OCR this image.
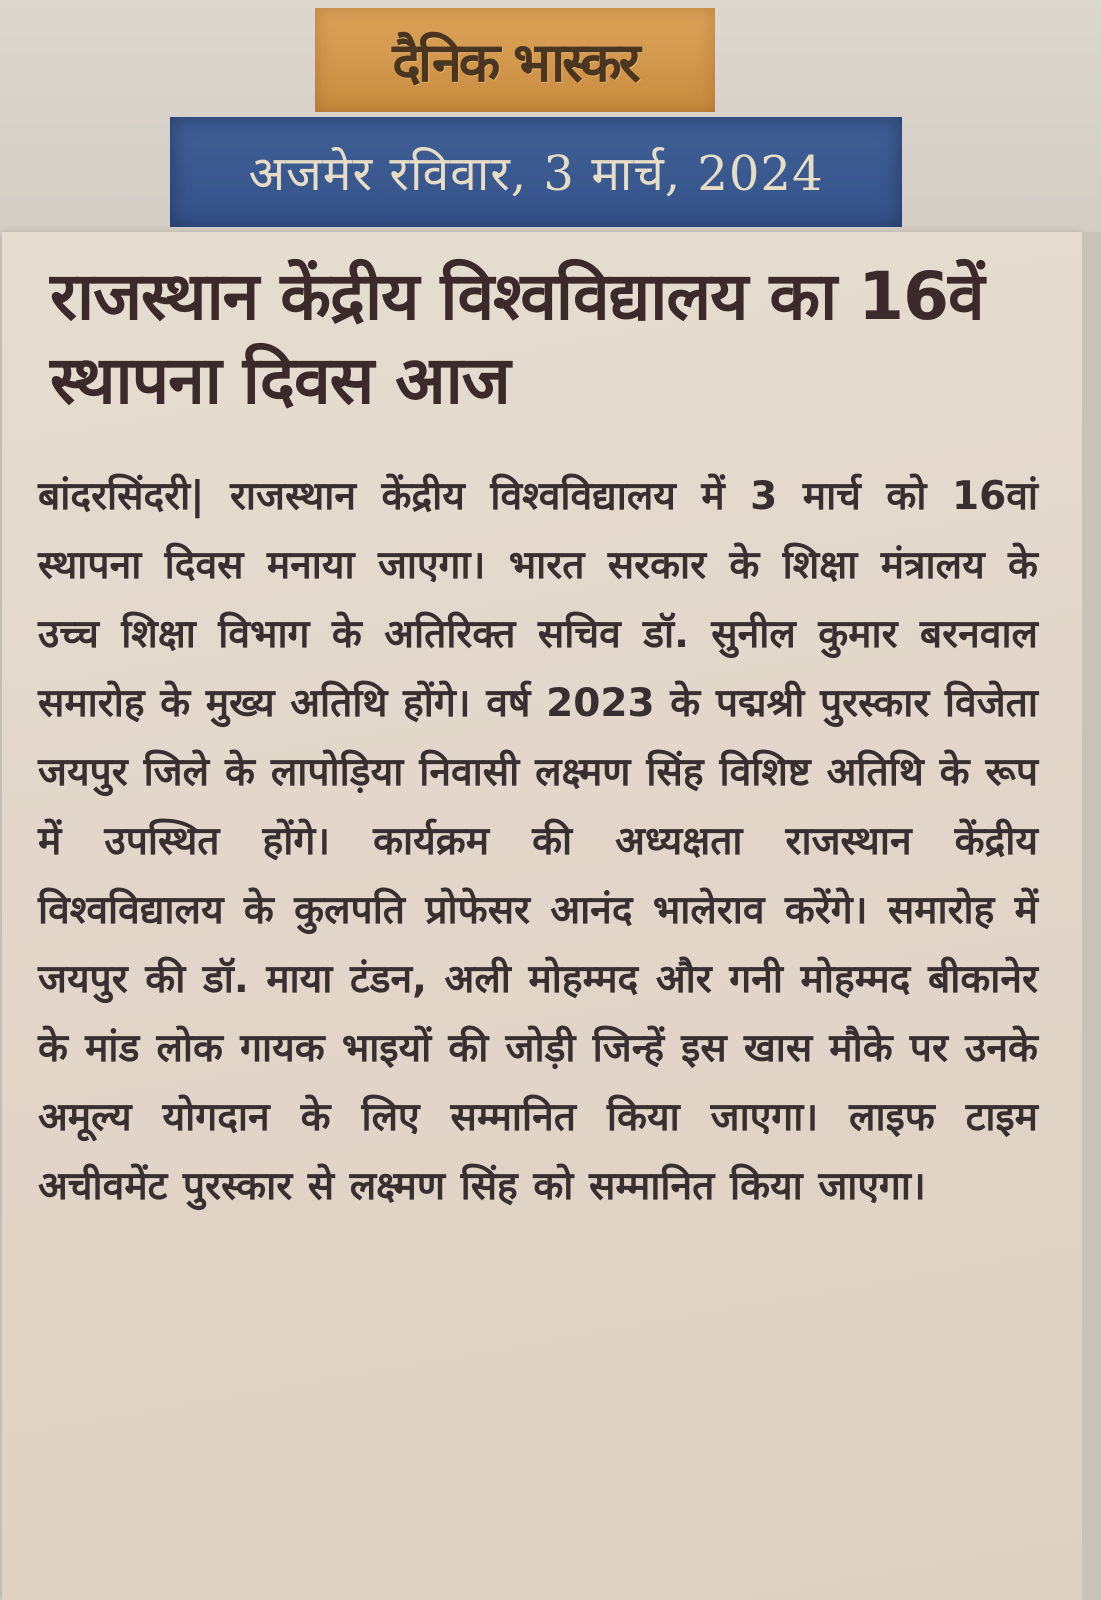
दैनिक भास्कर
अजमेर रविवार, 3 मार्च, 2024
राजस्थान केंद्रीय विश्वविद्यालय का 16वें स्थापना दिवस आज

बांदरसिंदरी| राजस्थान केंद्रीय विश्वविद्यालय में 3 मार्च को 16वां स्थापना दिवस मनाया जाएगा। भारत सरकार के शिक्षा मंत्रालय के उच्च शिक्षा विभाग के अतिरिक्त सचिव डॉ. सुनील कुमार बरनवाल समारोह के मुख्य अतिथि होंगे। वर्ष 2023 के पद्मश्री पुरस्कार विजेता जयपुर जिले के लापोड़िया निवासी लक्ष्मण सिंह विशिष्ट अतिथि के रूप में उपस्थित होंगे। कार्यक्रम की अध्यक्षता राजस्थान केंद्रीय विश्वविद्यालय के कुलपति प्रोफेसर आनंद भालेराव करेंगे। समारोह में जयपुर की डॉ. माया टंडन, अली मोहम्मद और गनी मोहम्मद बीकानेर के मांड लोक गायक भाइयों की जोड़ी जिन्हें इस खास मौके पर उनके अमूल्य योगदान के लिए सम्मानित किया जाएगा। लाइफ टाइम अचीवमेंट पुरस्कार से लक्ष्मण सिंह को सम्मानित किया जाएगा।
